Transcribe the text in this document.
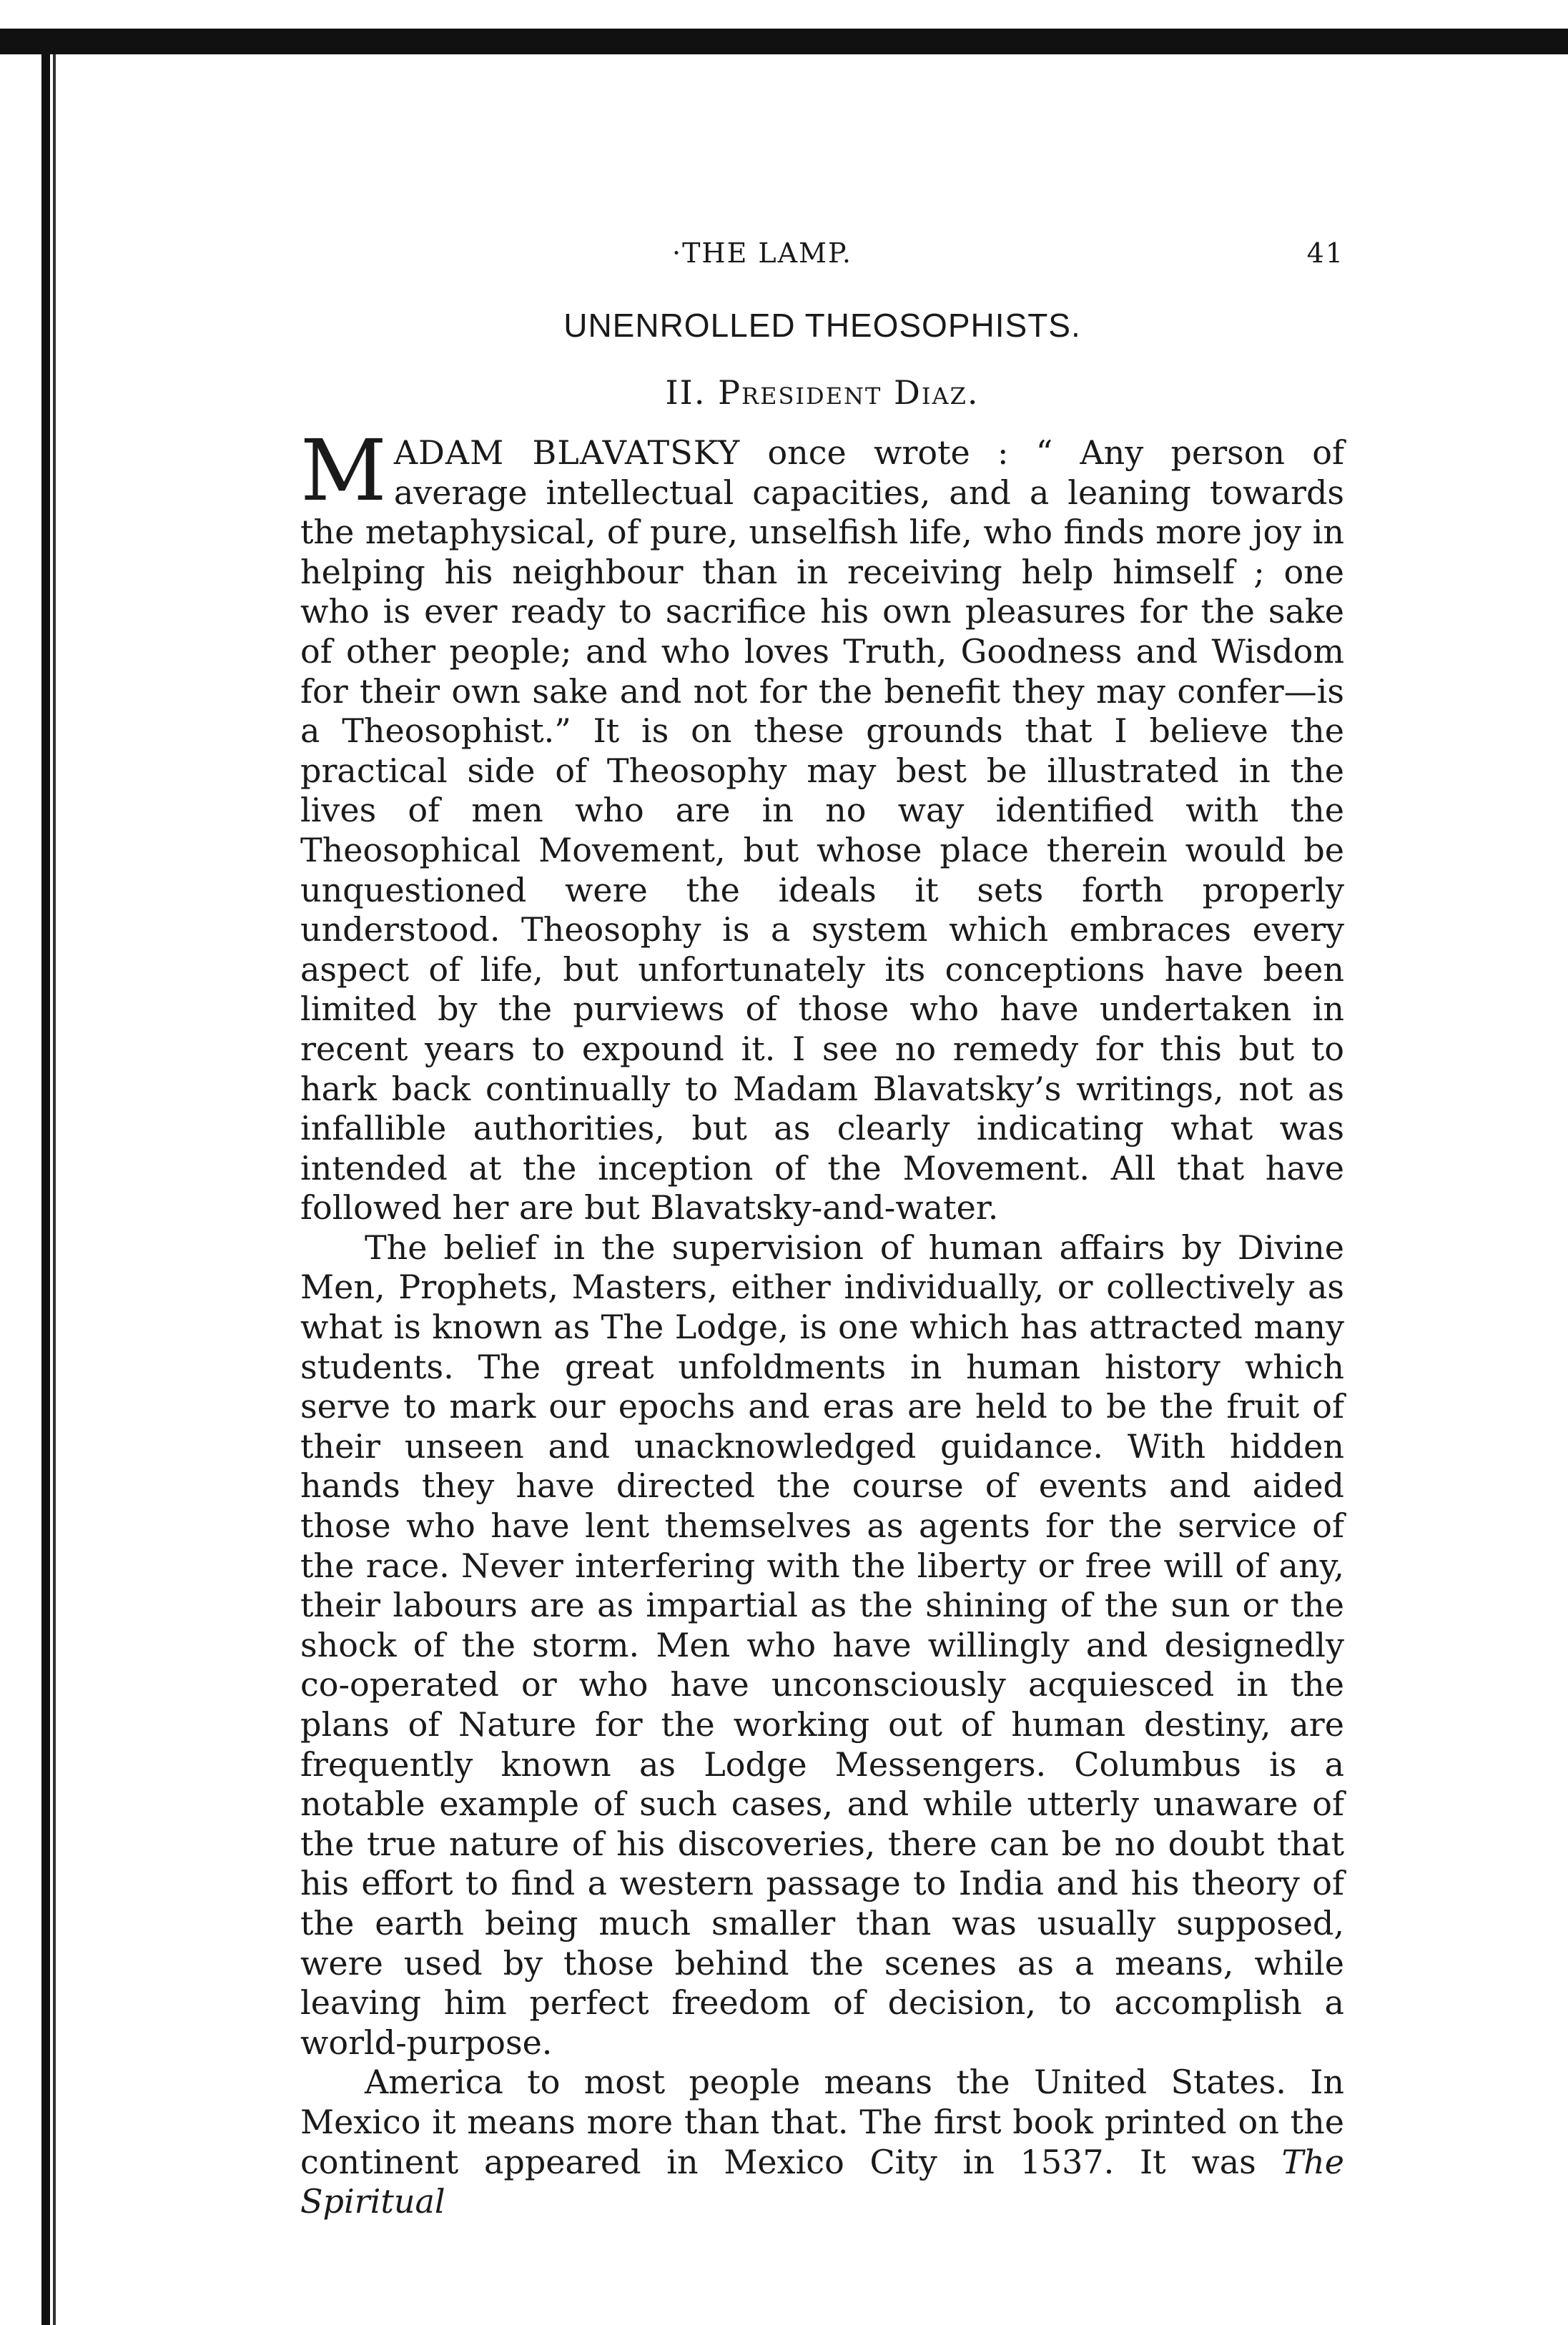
·THE LAMP.	41
UNENROLLED THEOSOPHISTS.
II. President Diaz.

MADAM BLAVATSKY once wrote : “ Any person of average intellectual capacities, and a leaning towards the metaphysical, of pure, unselfish life, who finds more joy in helping his neighbour than in receiving help himself ; one who is ever ready to sacrifice his own pleasures for the sake of other people; and who loves Truth, Goodness and Wisdom for their own sake and not for the benefit they may confer—is a Theosophist.” It is on these grounds that I believe the practical side of Theosophy may best be illustrated in the lives of men who are in no way identified with the Theosophical Movement, but whose place therein would be unquestioned were the ideals it sets forth properly understood. Theosophy is a system which embraces every aspect of life, but unfortunately its conceptions have been limited by the purviews of those who have undertaken in recent years to expound it. I see no remedy for this but to hark back continually to Madam Blavatsky’s writings, not as infallible authorities, but as clearly indicating what was intended at the inception of the Movement. All that have followed her are but Blavatsky-and-water.

The belief in the supervision of human affairs by Divine Men, Prophets, Masters, either individually, or collectively as what is known as The Lodge, is one which has attracted many students. The great unfoldments in human history which serve to mark our epochs and eras are held to be the fruit of their unseen and unacknowledged guidance. With hidden hands they have directed the course of events and aided those who have lent themselves as agents for the service of the race. Never interfering with the liberty or free will of any, their labours are as impartial as the shining of the sun or the shock of the storm. Men who have willingly and designedly co-operated or who have unconsciously acquiesced in the plans of Nature for the working out of human destiny, are frequently known as Lodge Messengers. Columbus is a notable example of such cases, and while utterly unaware of the true nature of his discoveries, there can be no doubt that his effort to find a western passage to India and his theory of the earth being much smaller than was usually supposed, were used by those behind the scenes as a means, while leaving him perfect freedom of decision, to accomplish a world-purpose.

America to most people means the United States. In Mexico it means more than that. The first book printed on the continent appeared in Mexico City in 1537. It was The Spiritual
